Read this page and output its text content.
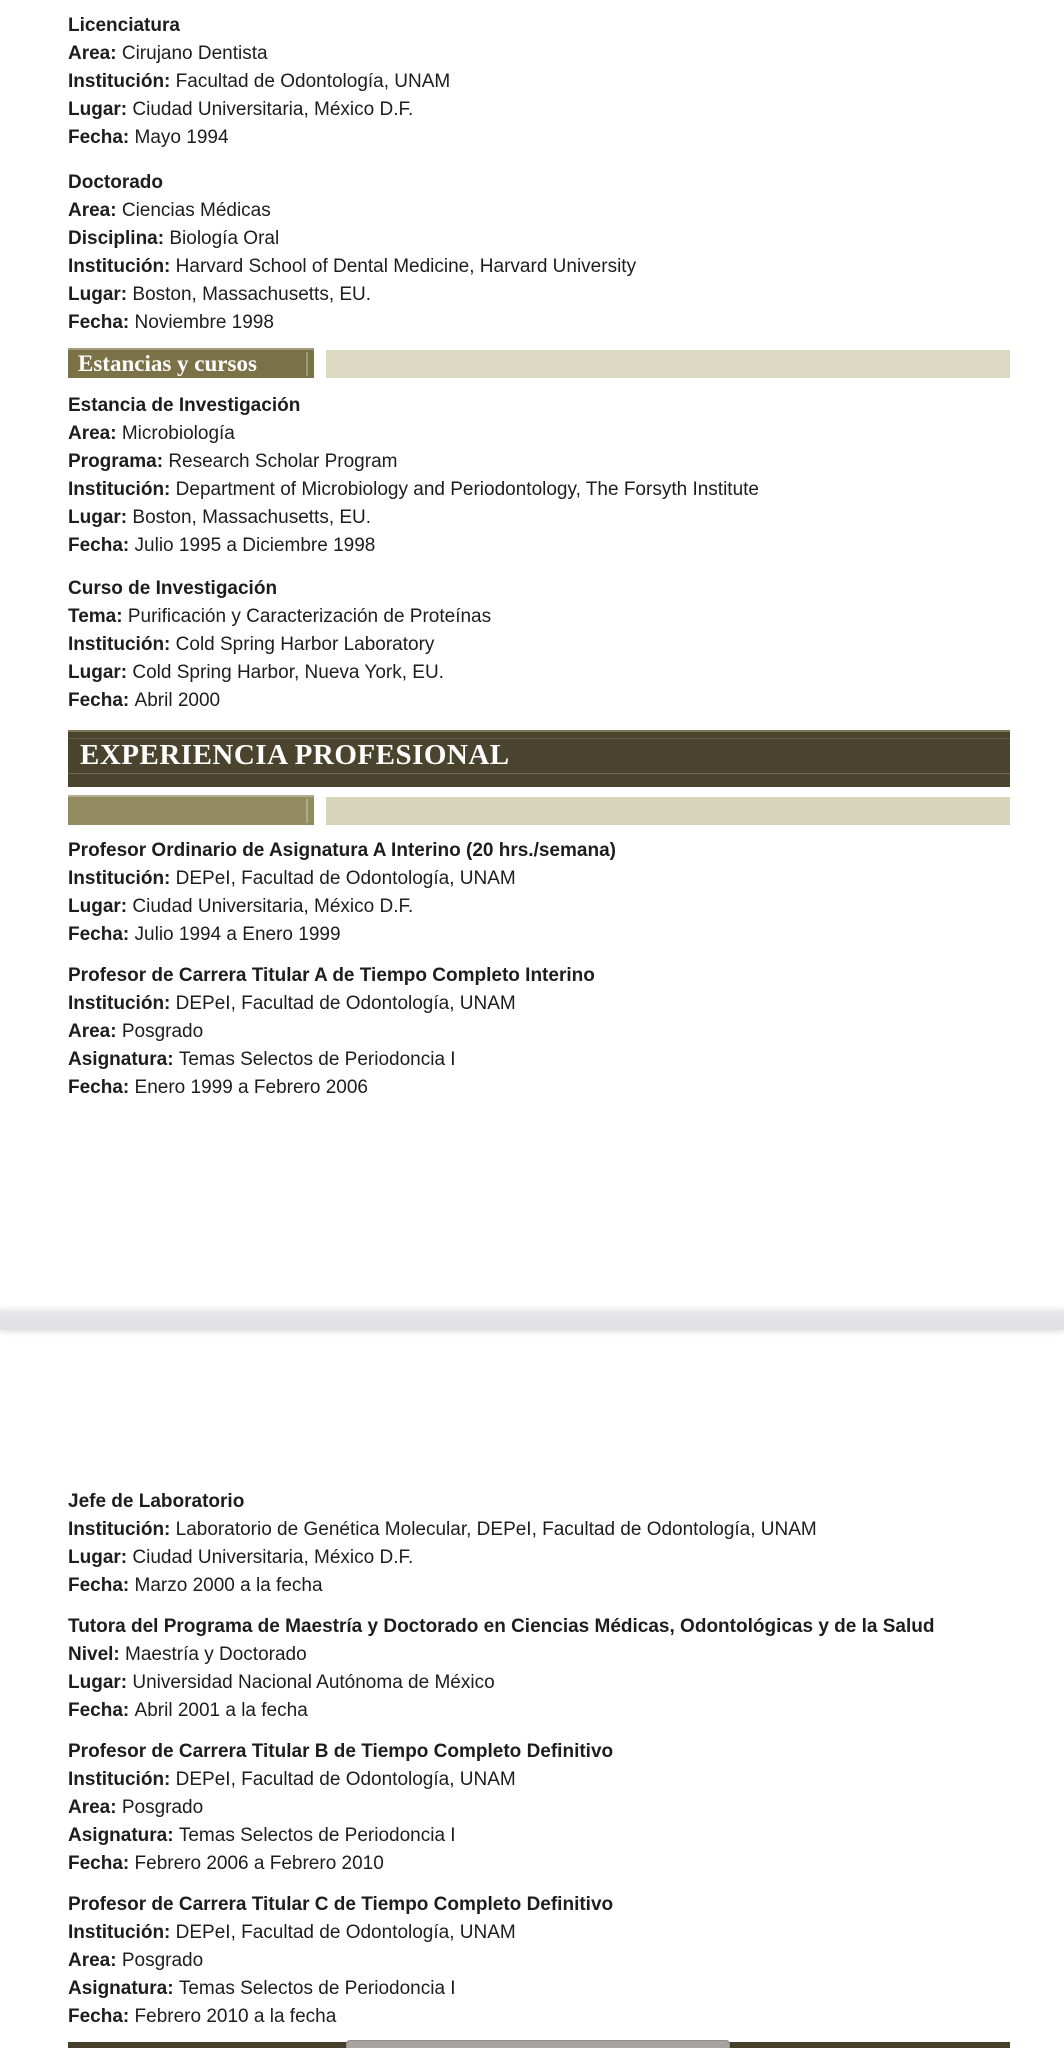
Licenciatura
Area: Cirujano Dentista
Institución: Facultad de Odontología, UNAM
Lugar: Ciudad Universitaria, México D.F.
Fecha: Mayo 1994
Doctorado
Area: Ciencias Médicas
Disciplina: Biología Oral
Institución: Harvard School of Dental Medicine, Harvard University
Lugar: Boston, Massachusetts, EU.
Fecha: Noviembre 1998
Estancias y cursos
Estancia de Investigación
Area: Microbiología
Programa: Research Scholar Program
Institución: Department of Microbiology and Periodontology, The Forsyth Institute
Lugar: Boston, Massachusetts, EU.
Fecha: Julio 1995 a Diciembre 1998
Curso de Investigación
Tema: Purificación y Caracterización de Proteínas
Institución: Cold Spring Harbor Laboratory
Lugar: Cold Spring Harbor, Nueva York, EU.
Fecha: Abril 2000
EXPERIENCIA PROFESIONAL
Profesor Ordinario de Asignatura A Interino (20 hrs./semana)
Institución: DEPeI, Facultad de Odontología, UNAM
Lugar: Ciudad Universitaria, México D.F.
Fecha: Julio 1994 a Enero 1999
Profesor de Carrera Titular A de Tiempo Completo Interino
Institución: DEPeI, Facultad de Odontología, UNAM
Area: Posgrado
Asignatura: Temas Selectos de Periodoncia I
Fecha: Enero 1999 a Febrero 2006
Jefe de Laboratorio
Institución: Laboratorio de Genética Molecular, DEPeI, Facultad de Odontología, UNAM
Lugar: Ciudad Universitaria, México D.F.
Fecha: Marzo 2000 a la fecha
Tutora del Programa de Maestría y Doctorado en Ciencias Médicas, Odontológicas y de la Salud
Nivel: Maestría y Doctorado
Lugar: Universidad Nacional Autónoma de México
Fecha: Abril 2001 a la fecha
Profesor de Carrera Titular B de Tiempo Completo Definitivo
Institución: DEPeI, Facultad de Odontología, UNAM
Area: Posgrado
Asignatura: Temas Selectos de Periodoncia I
Fecha: Febrero 2006 a Febrero 2010
Profesor de Carrera Titular C de Tiempo Completo Definitivo
Institución: DEPeI, Facultad de Odontología, UNAM
Area: Posgrado
Asignatura: Temas Selectos de Periodoncia I
Fecha: Febrero 2010 a la fecha
